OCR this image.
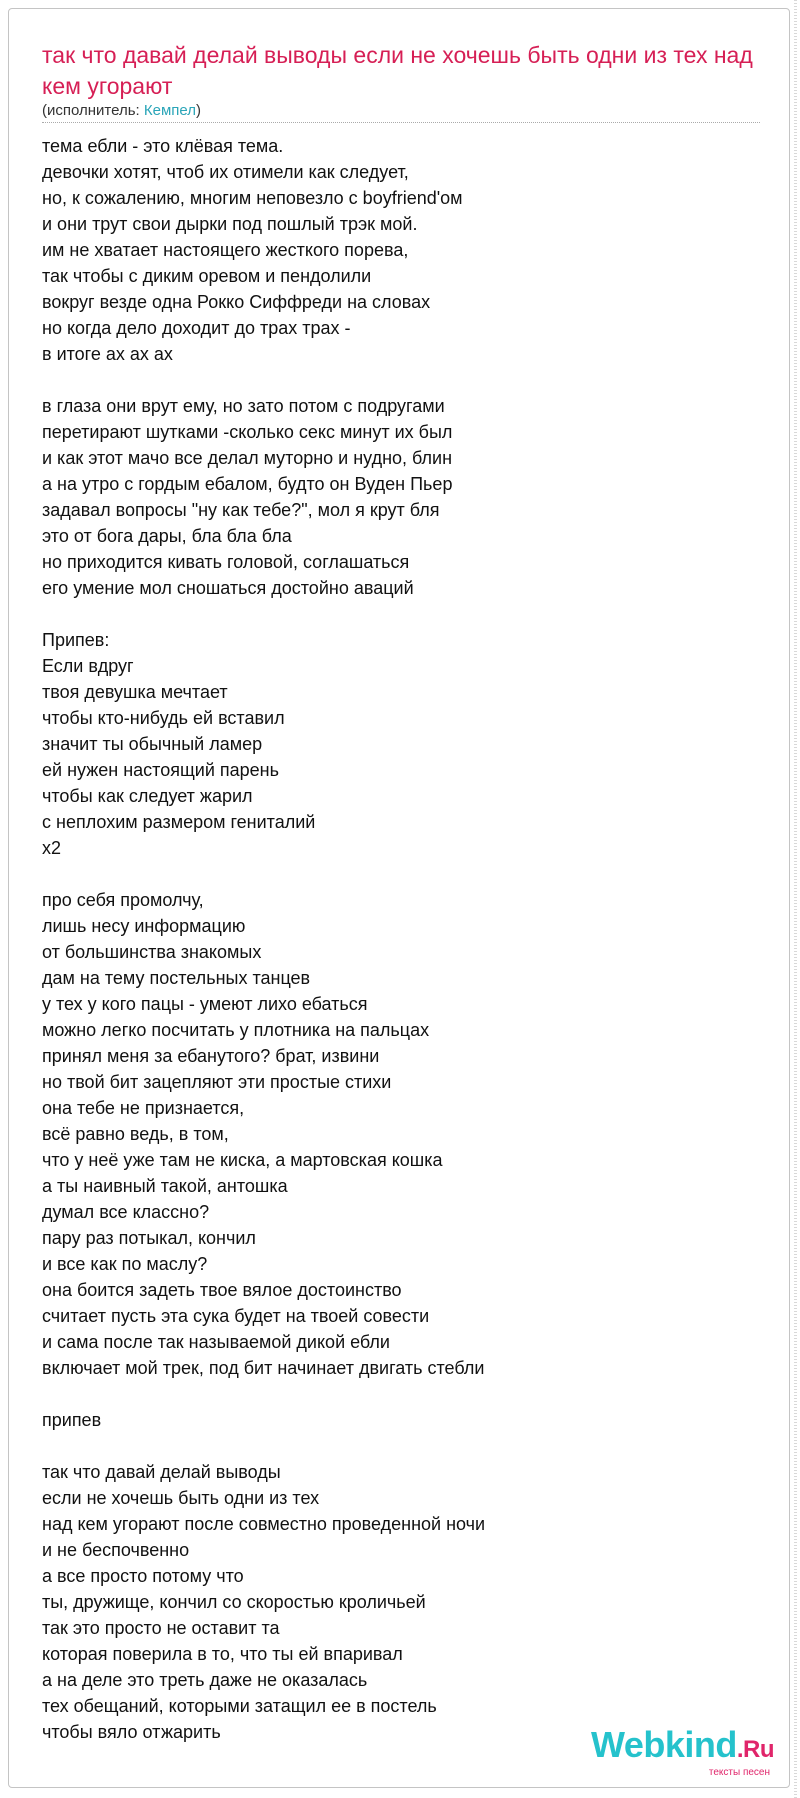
так что давай делай выводы если не хочешь быть одни из тех над кем угорают
(исполнитель: Кемпел)
тема ебли - это клёвая тема.
девочки хотят, чтоб их отимели как следует,
но, к сожалению, многим неповезло с boyfriend'ом
и они трут свои дырки под пошлый трэк мой.
им не хватает настоящего жесткого порева,
так чтобы с диким оревом и пендолили
вокруг везде одна Рокко Сиффреди на словах
но когда дело доходит до трах трах -
в итоге ах ах ах
в глаза они врут ему, но зато потом с подругами
перетирают шутками -сколько секс минут их был
и как этот мачо все делал муторно и нудно, блин
а на утро с гордым ебалом, будто он Вуден Пьер
задавал вопросы "ну как тебе?", мол я крут бля
это от бога дары, бла бла бла
но приходится кивать головой, соглашаться
его умение мол сношаться достойно аваций
Припев:
Если вдруг
твоя девушка мечтает
чтобы кто-нибудь ей вставил
значит ты обычный ламер
ей нужен настоящий парень
чтобы как следует жарил
с неплохим размером гениталий
x2
про себя промолчу,
лишь несу информацию
от большинства знакомых
дам на тему постельных танцев
у тех у кого пацы - умеют лихо ебаться
можно легко посчитать у плотника на пальцах
принял меня за ебанутого? брат, извини
но твой бит зацепляют эти простые стихи
она тебе не признается,
всё равно ведь, в том,
что у неё уже там не киска, а мартовская кошка
а ты наивный такой, антошка
думал все классно?
пару раз потыкал, кончил
и все как по маслу?
она боится задеть твое вялое достоинство
считает пусть эта сука будет на твоей совести
и сама после так называемой дикой ебли
включает мой трек, под бит начинает двигать стебли
припев
так что давай делай выводы
если не хочешь быть одни из тех
над кем угорают после совместно проведенной ночи
и не беспочвенно
а все просто потому что
ты, дружище, кончил со скоростью кроличьей
так это просто не оставит та
которая поверила в то, что ты ей впаривал
а на деле это треть даже не оказалась
тех обещаний, которыми затащил ее в постель
чтобы вяло отжарить	Webkind.Ru
тексты песен
